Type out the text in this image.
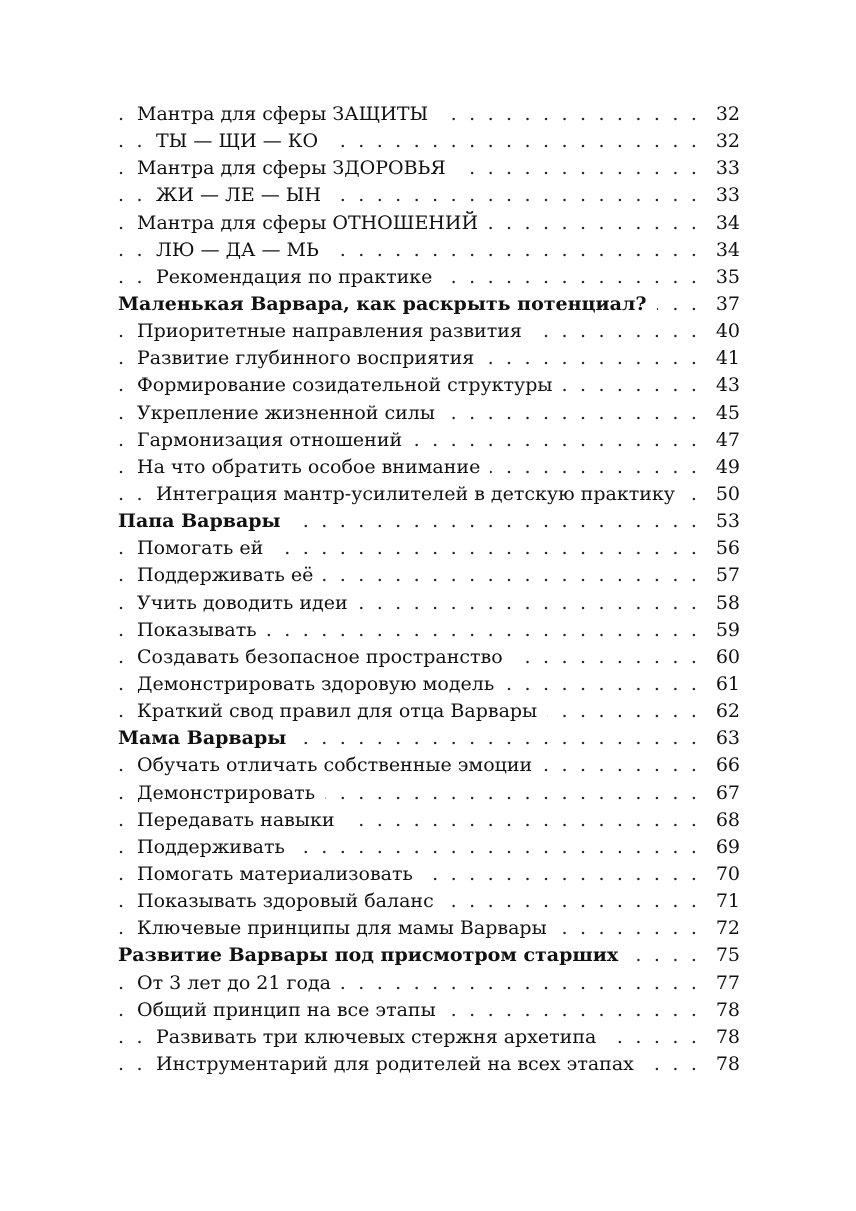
. . .
Мантра для сферы ЗАЩИТЫ	32
. . .
ТЫ — ЩИ — КО	32
. . .
Мантра для сферы ЗДОРОВЬЯ	33
. . .
ЖИ — ЛЕ — ЫН	33
. . .
Мантра для сферы ОТНОШЕНИЙ	34
. . .
ЛЮ — ДА — МЬ	34
. . .
Рекомендация по практике	35
. . .
Маленькая Варвара, как раскрыть потенциал?	37
. . .
Приоритетные направления развития	40
. . .
Развитие глубинного восприятия	41
. . .
Формирование созидательной структуры	43
. . .
Укрепление жизненной силы	45
. . .
Гармонизация отношений	47
. . .
На что обратить особое внимание	49
. . .
Интеграция мантр-усилителей в детскую практику	50
. . .
Папа Варвары	53
. . .
Помогать ей	56
. . .
Поддерживать её	57
. . .
Учить доводить идеи	58
. . .
Показывать	59
. . .
Создавать безопасное пространство	60
. . .
Демонстрировать здоровую модель	61
. . .
Краткий свод правил для отца Варвары	62
. . .
Мама Варвары	63
. . .
Обучать отличать собственные эмоции	66
. . .
Демонстрировать	67
. . .
Передавать навыки	68
. . .
Поддерживать	69
. . .
Помогать материализовать	70
. . .
Показывать здоровый баланс	71
. . .
Ключевые принципы для мамы Варвары	72
. . .
Развитие Варвары под присмотром старших	75
. . .
От 3 лет до 21 года	77
. . .
Общий принцип на все этапы	78
. . .
Развивать три ключевых стержня архетипа	78
. . .
Инструментарий для родителей на всех этапах	78
